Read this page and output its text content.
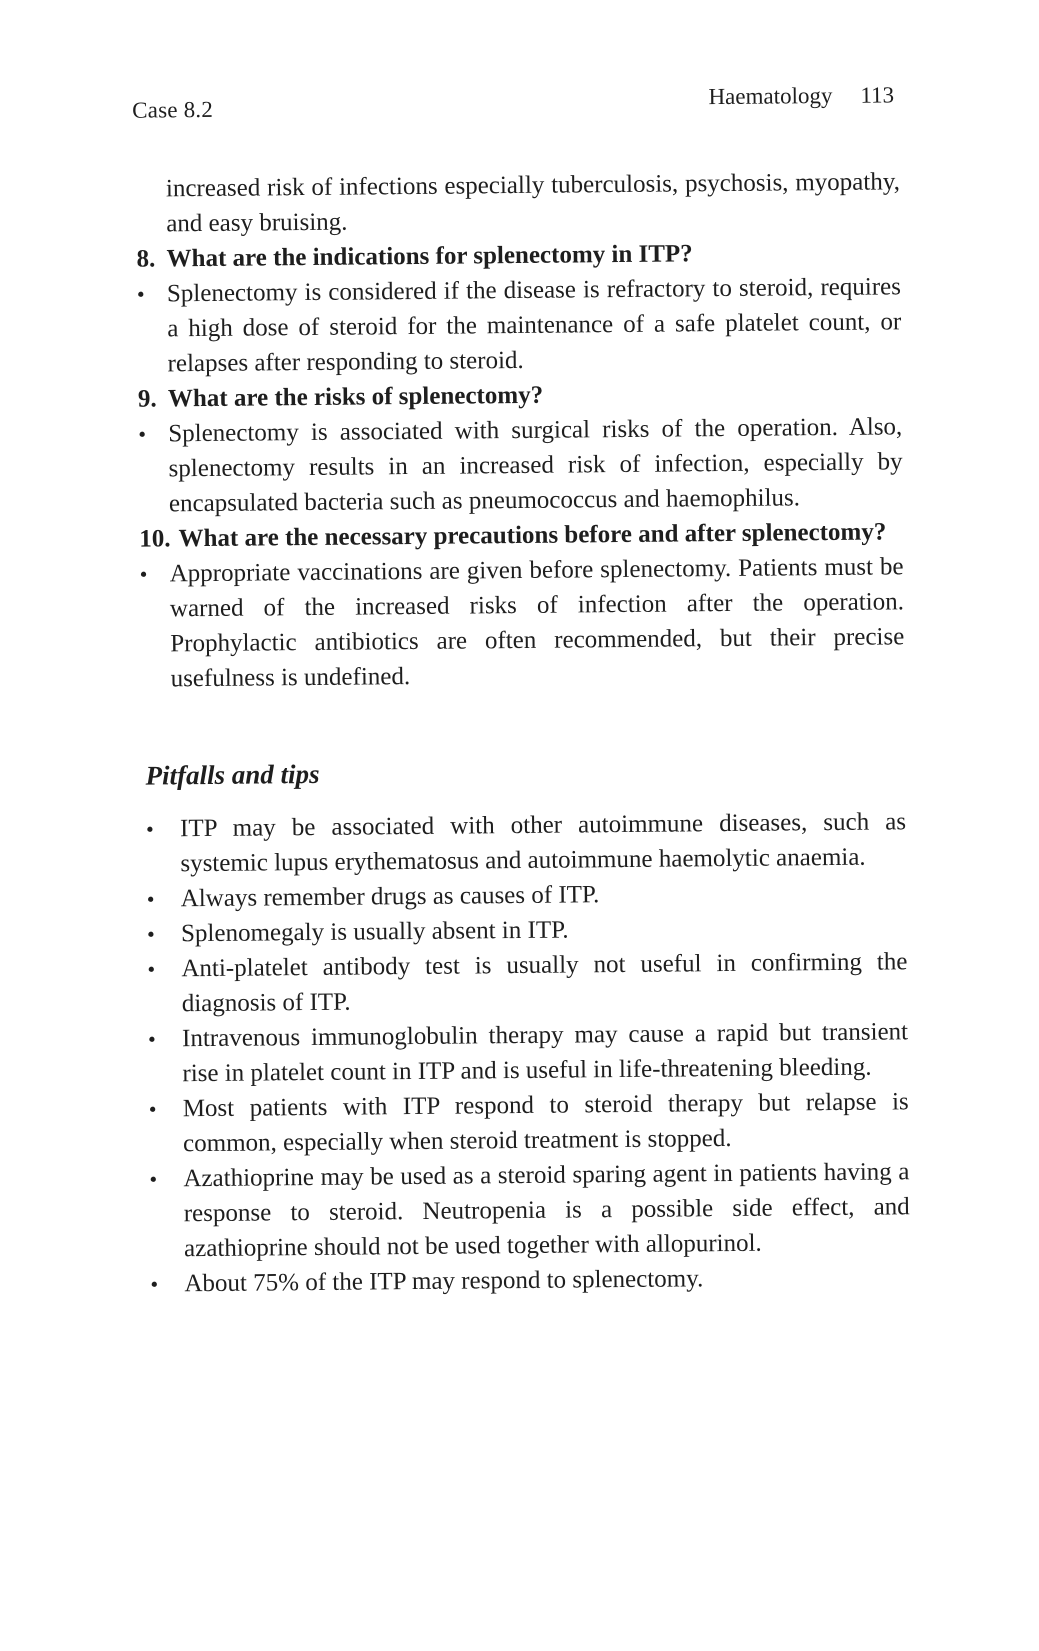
Case 8.2
Haematology 113
increased risk of infections especially tuberculosis, psychosis, myopathy, and easy bruising.
8. What are the indications for splenectomy in ITP?
• Splenectomy is considered if the disease is refractory to steroid, requires a high dose of steroid for the maintenance of a safe platelet count, or relapses after responding to steroid.
9. What are the risks of splenectomy?
• Splenectomy is associated with surgical risks of the operation. Also, splenectomy results in an increased risk of infection, especially by encapsulated bacteria such as pneumococcus and haemophilus.
10. What are the necessary precautions before and after splenectomy?
• Appropriate vaccinations are given before splenectomy. Patients must be warned of the increased risks of infection after the operation. Prophylactic antibiotics are often recommended, but their precise usefulness is undefined.
Pitfalls and tips
•	ITP may be associated with other autoimmune diseases, such as systemic lupus erythematosus and autoimmune haemolytic anaemia.
•	Always remember drugs as causes of ITP.
•	Splenomegaly is usually absent in ITP.
•	Anti-platelet antibody test is usually not useful in confirming the diagnosis of ITP.
•	Intravenous immunoglobulin therapy may cause a rapid but transient rise in platelet count in ITP and is useful in life-threatening bleeding.
•	Most patients with ITP respond to steroid therapy but relapse is common, especially when steroid treatment is stopped.
•	Azathioprine may be used as a steroid sparing agent in patients having a response to steroid. Neutropenia is a possible side effect, and azathioprine should not be used together with allopurinol.
•	About 75% of the ITP may respond to splenectomy.
